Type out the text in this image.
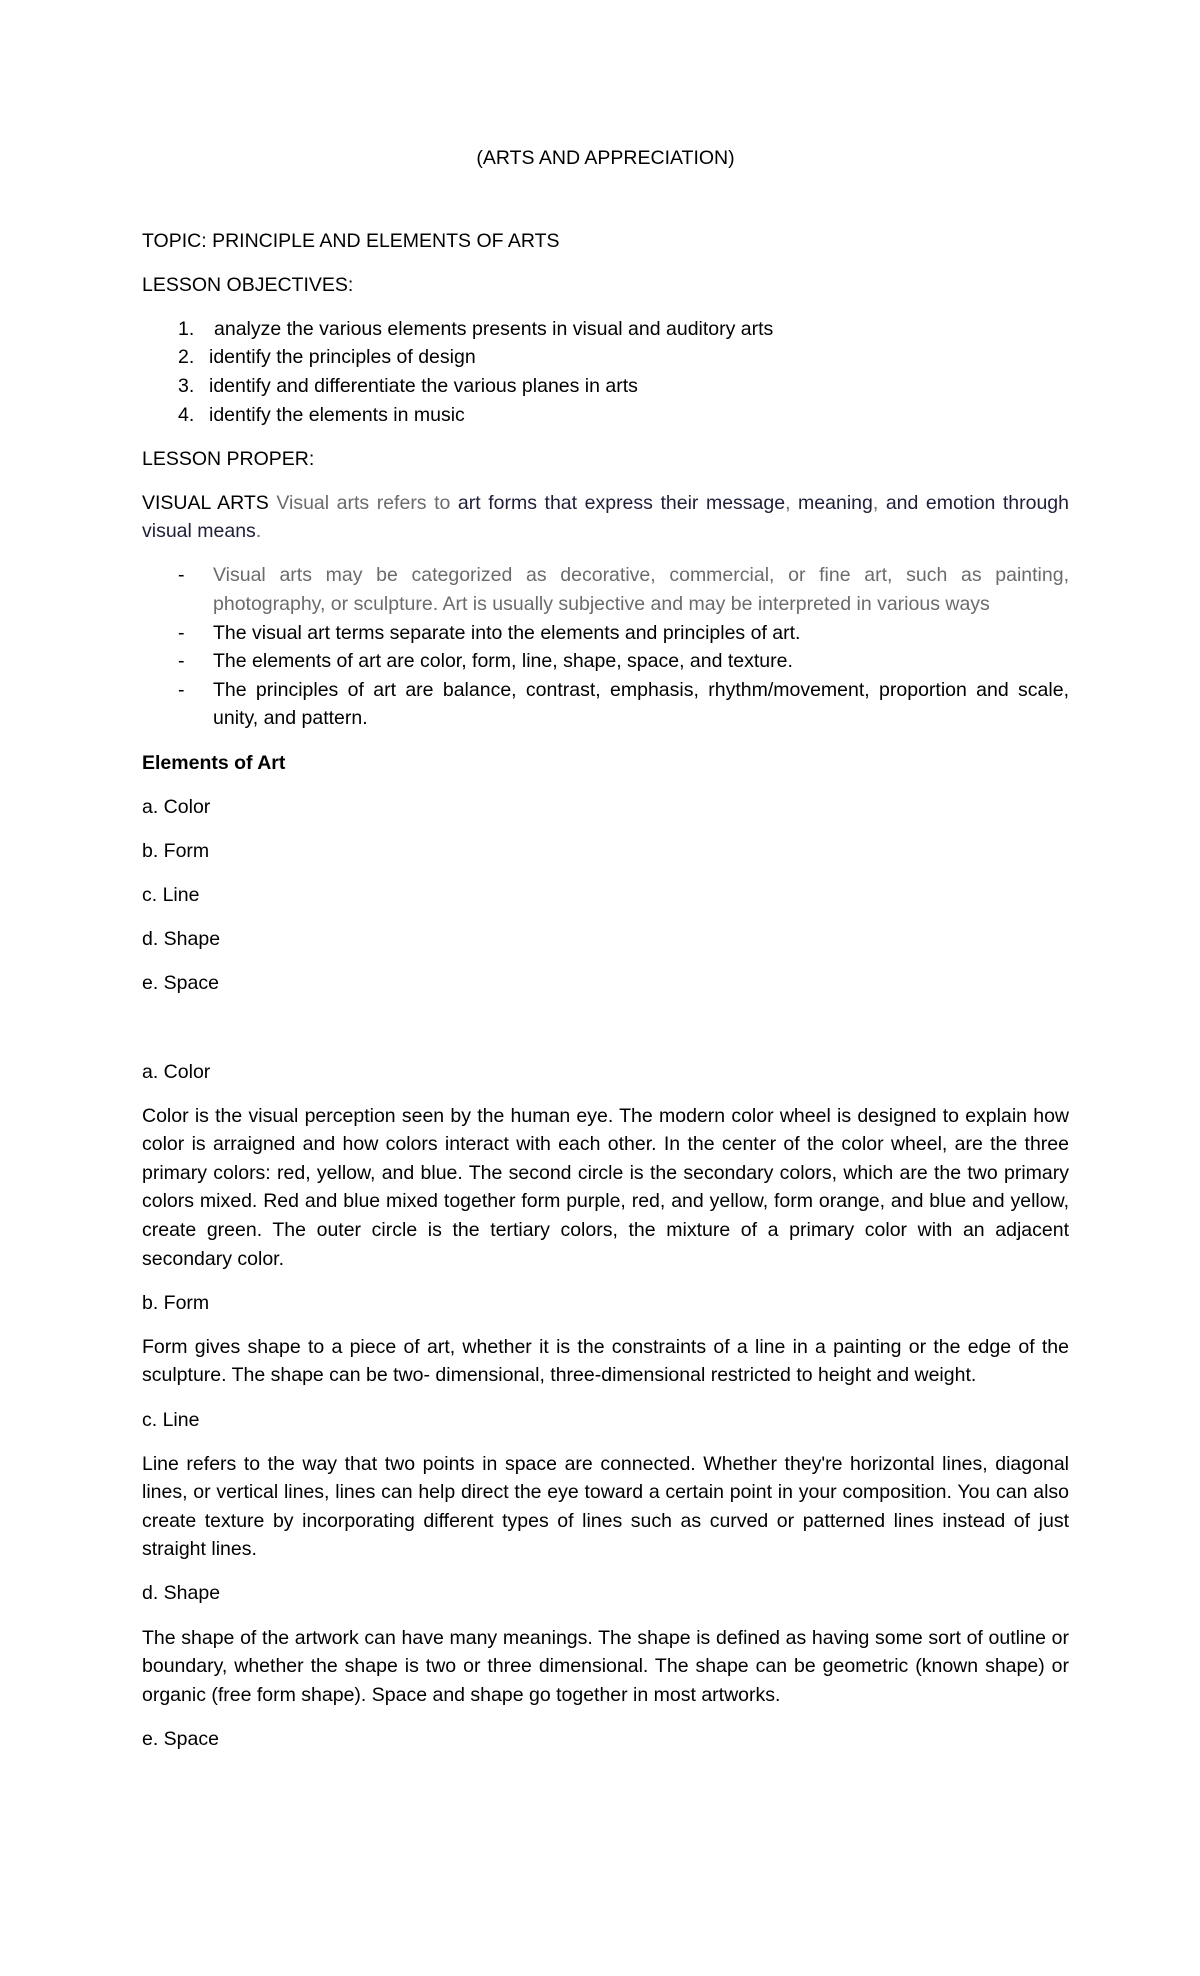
(ARTS AND APPRECIATION)

TOPIC: PRINCIPLE AND ELEMENTS OF ARTS

LESSON OBJECTIVES:

1. analyze the various elements presents in visual and auditory arts
2. identify the principles of design
3. identify and differentiate the various planes in arts
4. identify the elements in music

LESSON PROPER:

VISUAL ARTS Visual arts refers to art forms that express their message, meaning, and emotion through visual means.

- Visual arts may be categorized as decorative, commercial, or fine art, such as painting, photography, or sculpture. Art is usually subjective and may be interpreted in various ways
- The visual art terms separate into the elements and principles of art.
- The elements of art are color, form, line, shape, space, and texture.
- The principles of art are balance, contrast, emphasis, rhythm/movement, proportion and scale, unity, and pattern.

Elements of Art

a. Color

b. Form

c. Line

d. Shape

e. Space

a. Color

Color is the visual perception seen by the human eye. The modern color wheel is designed to explain how color is arraigned and how colors interact with each other. In the center of the color wheel, are the three primary colors: red, yellow, and blue. The second circle is the secondary colors, which are the two primary colors mixed. Red and blue mixed together form purple, red, and yellow, form orange, and blue and yellow, create green. The outer circle is the tertiary colors, the mixture of a primary color with an adjacent secondary color.

b. Form

Form gives shape to a piece of art, whether it is the constraints of a line in a painting or the edge of the sculpture. The shape can be two- dimensional, three-dimensional restricted to height and weight.

c. Line

Line refers to the way that two points in space are connected. Whether they're horizontal lines, diagonal lines, or vertical lines, lines can help direct the eye toward a certain point in your composition. You can also create texture by incorporating different types of lines such as curved or patterned lines instead of just straight lines.

d. Shape

The shape of the artwork can have many meanings. The shape is defined as having some sort of outline or boundary, whether the shape is two or three dimensional. The shape can be geometric (known shape) or organic (free form shape). Space and shape go together in most artworks.

e. Space
